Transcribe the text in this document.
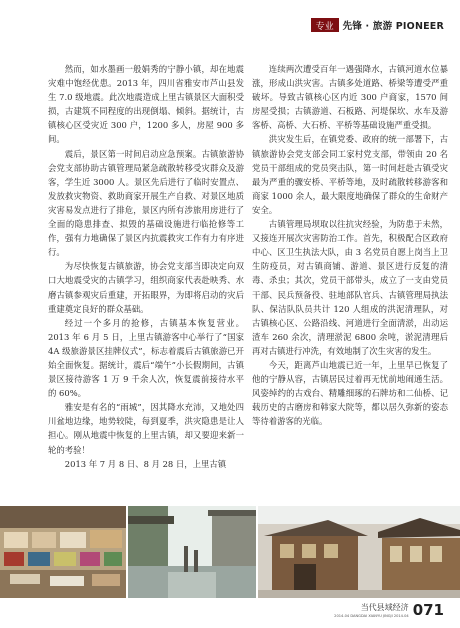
专业 先锋 · 旅游 PIONEER

然而，如水墨画一般娟秀的宁静小镇，却在地震灾难中饱经优患。2013 年，四川省雅安市芦山县发生 7.0 级地震。此次地震造成上里古镇景区大面积受损，古建筑不同程度的出现倒塌、倾斜。据统计，古镇核心区受灾近 300 户，1200 多人，房屋 900 多间。

震后，景区第一时间启动应急预案。古镇旅游协会党支部协助古镇管理局紧急疏散转移受灾群众及游客，学生近 3000 人。景区先后进行了临时安置点、发放救灾物资、救助商家开展生产自救、对景区地质灾害易发点进行了排危，景区内所有涉旅用房进行了全面的隐患排查、拟毁的基础设施进行临抢修等工作，强有力地确保了景区内抗震救灾工作有力有序进行。

为尽快恢复古镇旅游，协会党支部当即决定向双口大地震受灾的古镇学习，组织商家代表赴映秀、水磨古镇参观灾后重建，开拓眼界，为即将启动的灾后重建奠定良好的群众基础。

经过一个多月的抢修，古镇基本恢复营业。2013 年 6 月 5 日，上里古镇游客中心举行了“国家 4A 级旅游景区挂牌仪式”，标志着震后古镇旅游已开始全面恢复。据统计，震后“端午”小长假期间，古镇景区接待游客 1 万 9 千余人次，恢复震前接待水平的 60%。

雅安是有名的“雨城”，因其降水充沛，又地处四川盆地边缘，地势较陡，每到夏季，洪灾隐患是让人担心。刚从地震中恢复的上里古镇，却又要迎来新一轮的考验！

2013 年 7 月 8 日、8 月 28 日，上里古镇

连续两次遭受百年一遇强降水，古镇河道水位暴涨，形成山洪灾害。古镇多处道路、桥梁等遭受严重破坏。导致古镇核心区内近 300 户商家，1570 间房屋受损；古镇游道、石板路、河堤保坎、水车及游客桥、高桥、大石桥、平桥等基础设施严重受损。

洪灾发生后，在镇党委、政府的统一部署下，古镇旅游协会党支部会同工家村党支部，带领由 20 名党员干部组成的党员突击队，第一时间赶赴古镇受灾最为严重的骤安桥、平桥等地，及时疏散转移游客和商家 1000 余人，最大限度地确保了群众的生命财产安全。

古镇管理局坝取以往抗灾经验，为防患于未然，又接连开展次灾害防治工作。首先，积极配合区政府中心、区卫生执法大队，由 3 名党员自愿上岗当上卫生防疫员，对古镇商铺、游道、景区进行反复的清毒、杀虫；其次，党员干部带头，成立了一支由党员干部、民兵预备役、驻地部队官兵、古镇管理局执法队、保洁队队员共计 120 人组成的洪泥清理队，对古镇核心区、公路沿线、河道进行全面清淤，出动运渣车 260 余次，清理淤泥 6800 余吨，淤泥清理后再对古镇进行冲洗，有效地制了次生灾害的发生。

今天，距离芦山地震已近一年，上里早已恢复了他的宁静从容，古镇居民过着再无忧前地闹通生活。风姿绰约的古戏台、精雕细琢的石牌坊和二仙桥、记载历史的古磨房和韩家大院等，都以居久弥新的姿态等待着游客的光临。

当代县域经济
2014-04 DANGDAI XIANYU JINGJI 2014.04 071
